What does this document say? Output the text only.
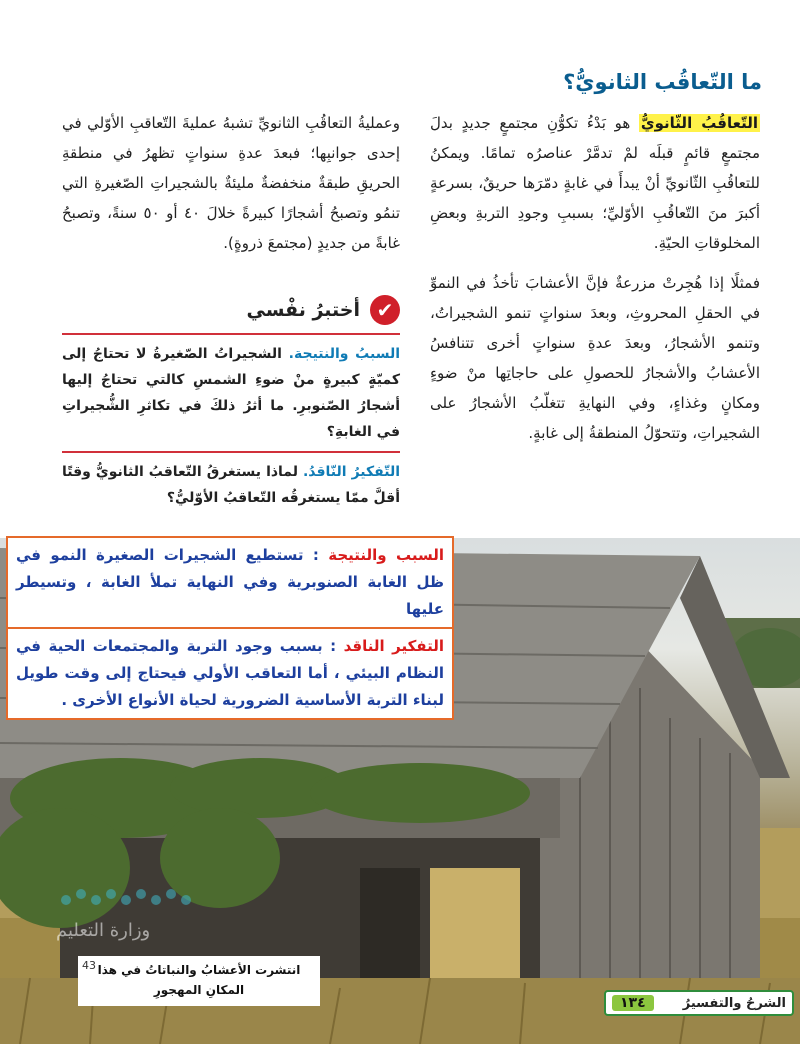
ما التّعاقُب الثانويُّ؟

التّعاقُبُ الثّانويُّ هو بَدْءُ تكوُّنِ مجتمعٍ جديدٍ بدلَ مجتمعٍ قائمٍ قبلَه لمْ تدمَّرْ عناصرُه تمامًا. ويمكنُ للتعاقُبِ الثّانويِّ أنْ يبدأَ في غابةٍ دمّرَها حريقٌ، بسرعةٍ أكبرَ منَ التّعاقُبِ الأوّليِّ؛ بسببِ وجودِ التربةِ وبعضِ المخلوقاتِ الحيّةِ.

فمثلًا إذا هُجِرتْ مزرعةٌ فإنَّ الأعشابَ تأخذُ في النموِّ في الحقلِ المحروثِ، وبعدَ سنواتٍ تنمو الشجيراتُ، وتنمو الأشجارُ، وبعدَ عدةِ سنواتٍ أخرى تتنافسُ الأعشابُ والأشجارُ للحصولِ على حاجاتِها منْ ضوءٍ ومكانٍ وغذاءٍ، وفي النهايةِ تتغلّبُ الأشجارُ على الشجيراتِ، وتتحوّلُ المنطقةُ إلى غابةٍ.

وعمليةُ التعاقُبِ الثانويِّ تشبهُ عمليةَ التّعاقبِ الأوّلي في إحدى جوانبِها؛ فبعدَ عدةِ سنواتٍ تظهرُ في منطقةِ الحريقِ طبقةٌ منخفضةٌ مليئةٌ بالشجيراتِ الصّغيرةِ التي تنمُو وتصبحُ أشجارًا كبيرةً خلالَ ٤٠ أو ٥٠ سنةً، وتصبحُ غابةً من جديدٍ (مجتمعَ ذروةٍ).

✔
أختبرُ نفْسي
السببُ والنتيجة. الشجيراتُ الصّغيرةُ لا تحتاجُ إلى كميّةٍ كبيرةٍ منْ ضوءِ الشمسِ كالتي تحتاجُ إليها أشجارُ الصّنوبرِ. ما أثرُ ذلكَ في تكاثرِ الشُّجيراتِ في الغابةِ؟
التّفكيرُ النّاقدُ. لماذا يستغرقُ التّعاقبُ الثانويُّ وقتًا أقلَّ ممّا يستغرقُه التّعاقبُ الأوّليُّ؟
وزارة التعليم
السبب والنتيجة : تستطيع الشجيرات الصغيرة النمو في ظل الغابة الصنوبرية وفي النهاية تملأ الغابة ، وتسيطر عليها
التفكير الناقد : بسبب وجود التربة والمجتمعات الحية في النظام البيئي ، أما التعاقب الأولي فيحتاج إلى وقت طويل لبناء التربة الأساسية الضرورية لحياة الأنواع الأخرى .
43 انتشرت الأعشابُ والنباتاتُ في هذا
المكانِ المهجورِ
الشرحُ والتفسيرُ
١٣٤
